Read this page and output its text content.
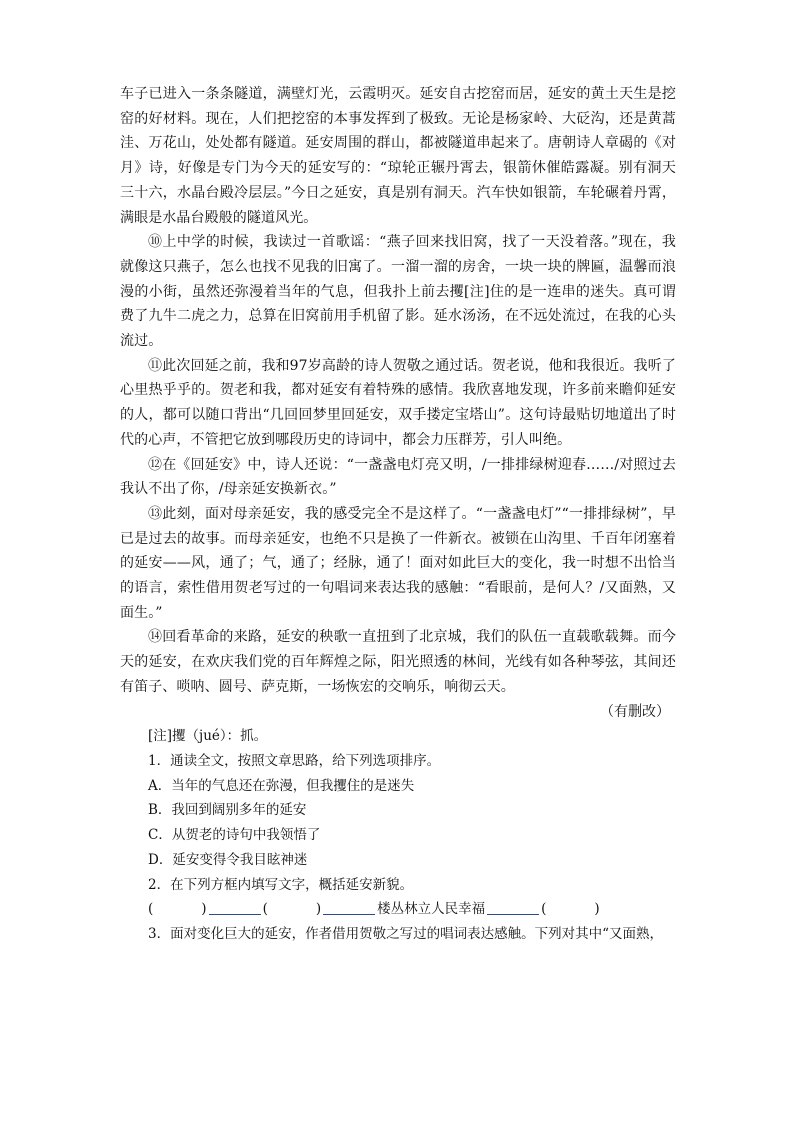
车子已进入一条条隧道，满壁灯光，云霞明灭。延安自古挖窑而居，延安的黄土天生是挖窑的好材料。现在，人们把挖窑的本事发挥到了极致。无论是杨家岭、大砭沟，还是黄蒿洼、万花山，处处都有隧道。延安周围的群山，都被隧道串起来了。唐朝诗人章碣的《对月》诗，好像是专门为今天的延安写的：“琼轮正辗丹霄去，银箭休催皓露凝。别有洞天三十六，水晶台殿冷层层。”今日之延安，真是别有洞天。汽车快如银箭，车轮碾着丹霄，满眼是水晶台殿般的隧道风光。

⑩上中学的时候，我读过一首歌谣：“燕子回来找旧窝，找了一天没着落。”现在，我就像这只燕子，怎么也找不见我的旧寓了。一溜一溜的房舍，一块一块的牌匾，温馨而浪漫的小街，虽然还弥漫着当年的气息，但我扑上前去攫[注]住的是一连串的迷失。真可谓费了九牛二虎之力，总算在旧窝前用手机留了影。延水汤汤，在不远处流过，在我的心头流过。

⑪此次回延之前，我和97岁高龄的诗人贺敬之通过话。贺老说，他和我很近。我听了心里热乎乎的。贺老和我，都对延安有着特殊的感情。我欣喜地发现，许多前来瞻仰延安的人，都可以随口背出“几回回梦里回延安，双手搂定宝塔山”。这句诗最贴切地道出了时代的心声，不管把它放到哪段历史的诗词中，都会力压群芳，引人叫绝。

⑫在《回延安》中，诗人还说：“一盏盏电灯亮又明，/一排排绿树迎春……/对照过去我认不出了你，/母亲延安换新衣。”

⑬此刻，面对母亲延安，我的感受完全不是这样了。“一盏盏电灯”“一排排绿树”，早已是过去的故事。而母亲延安，也绝不只是换了一件新衣。被锁在山沟里、千百年闭塞着的延安——风，通了；气，通了；经脉，通了！面对如此巨大的变化，我一时想不出恰当的语言，索性借用贺老写过的一句唱词来表达我的感触：“看眼前，是何人？/又面熟，又面生。”

⑭回看革命的来路，延安的秧歌一直扭到了北京城，我们的队伍一直载歌载舞。而今天的延安，在欢庆我们党的百年辉煌之际，阳光照透的林间，光线有如各种琴弦，其间还有笛子、唢呐、圆号、萨克斯，一场恢宏的交响乐，响彻云天。

（有删改）

[注]攫（jué）：抓。

1．通读全文，按照文章思路，给下列选项排序。

A．当年的气息还在弥漫，但我攫住的是迷失

B．我回到阔别多年的延安

C．从贺老的诗句中我领悟了

D．延安变得令我目眩神迷

2．在下列方框内填写文字，概括延安新貌。

(	)	(	)	楼丛林立人民幸福	(	)

3．面对变化巨大的延安，作者借用贺敬之写过的唱词表达感触。下列对其中“又面熟，
